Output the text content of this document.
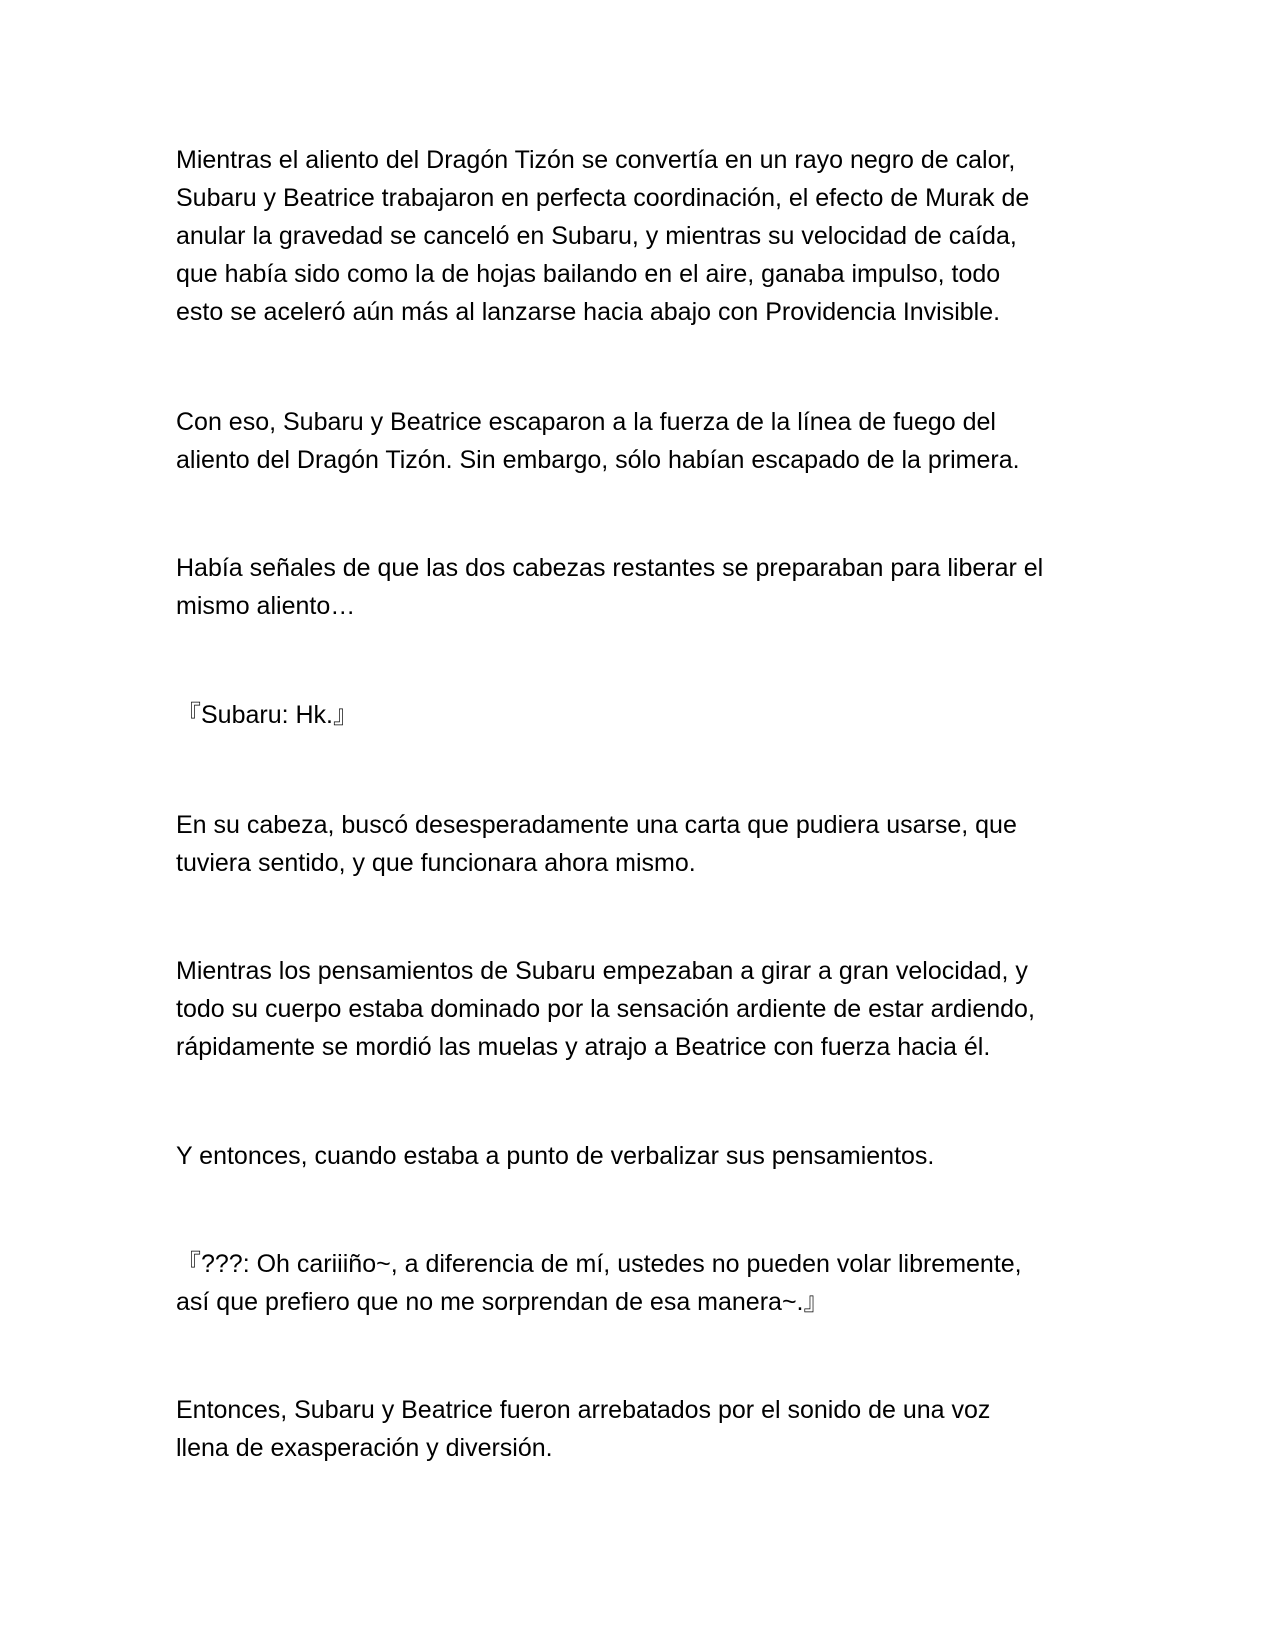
Mientras el aliento del Dragón Tizón se convertía en un rayo negro de calor,
Subaru y Beatrice trabajaron en perfecta coordinación, el efecto de Murak de
anular la gravedad se canceló en Subaru, y mientras su velocidad de caída,
que había sido como la de hojas bailando en el aire, ganaba impulso, todo
esto se aceleró aún más al lanzarse hacia abajo con Providencia Invisible.

Con eso, Subaru y Beatrice escaparon a la fuerza de la línea de fuego del
aliento del Dragón Tizón. Sin embargo, sólo habían escapado de la primera.

Había señales de que las dos cabezas restantes se preparaban para liberar el
mismo aliento…

『Subaru: Hk.』

En su cabeza, buscó desesperadamente una carta que pudiera usarse, que
tuviera sentido, y que funcionara ahora mismo.

Mientras los pensamientos de Subaru empezaban a girar a gran velocidad, y
todo su cuerpo estaba dominado por la sensación ardiente de estar ardiendo,
rápidamente se mordió las muelas y atrajo a Beatrice con fuerza hacia él.

Y entonces, cuando estaba a punto de verbalizar sus pensamientos.

『???: Oh cariiiño~, a diferencia de mí, ustedes no pueden volar libremente,
así que prefiero que no me sorprendan de esa manera~.』

Entonces, Subaru y Beatrice fueron arrebatados por el sonido de una voz
llena de exasperación y diversión.
